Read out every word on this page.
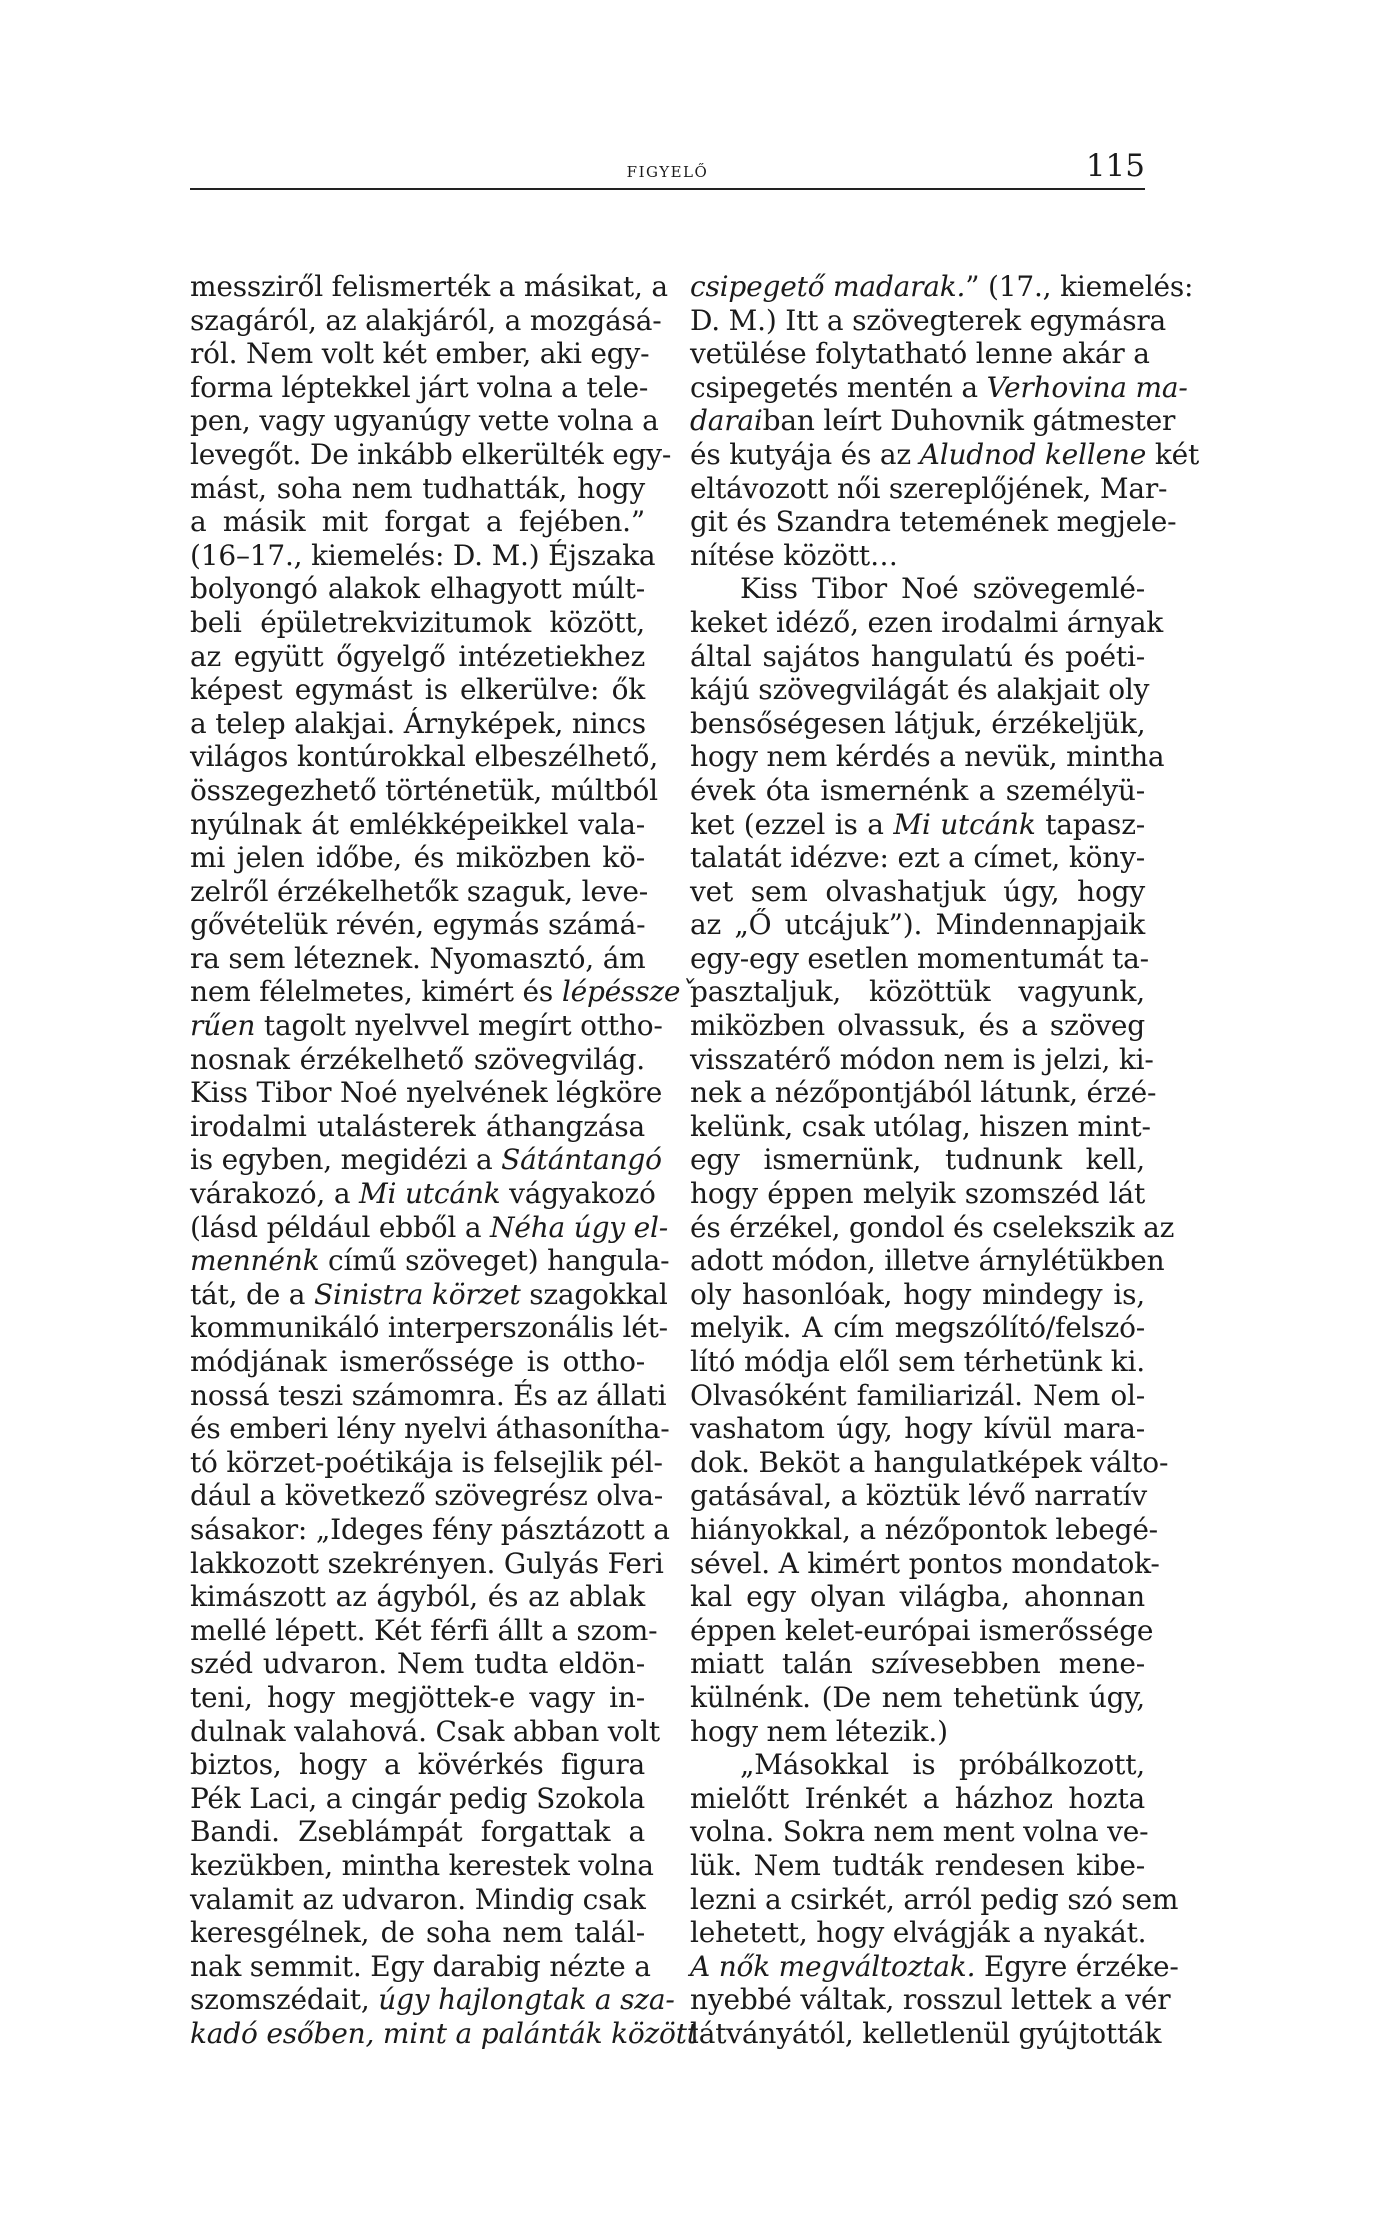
figyelő	115
messziről felismerték a másikat, a
szagáról, az alakjáról, a mozgásá-
ról. Nem volt két ember, aki egy-
forma léptekkel járt volna a tele-
pen, vagy ugyanúgy vette volna a
levegőt. De inkább elkerülték egy-
mást, soha nem tudhatták, hogy
a másik mit forgat a fejében.”
(16–17., kiemelés: D. M.) Éjszaka
bolyongó alakok elhagyott múlt-
beli épületrekvizitumok között,
az együtt őgyelgő intézetiekhez
képest egymást is elkerülve: ők
a telep alakjai. Árnyképek, nincs
világos kontúrokkal elbeszélhető,
összegezhető történetük, múltból
nyúlnak át emlékképeikkel vala-
mi jelen időbe, és miközben kö-
zelről érzékelhetők szaguk, leve-
gővételük révén, egymás számá-
ra sem léteznek. Nyomasztó, ám
nem félelmetes, kimért és lépésszeˇ
rűen tagolt nyelvvel megírt ottho-
nosnak érzékelhető szövegvilág.
Kiss Tibor Noé nyelvének légköre
irodalmi utalásterek áthangzása
is egyben, megidézi a Sátántangó
várakozó, a Mi utcánk vágyakozó
(lásd például ebből a Néha úgy el-
mennénk című szöveget) hangula-
tát, de a Sinistra körzet szagokkal
kommunikáló interperszonális lét-
módjának ismerőssége is ottho-
nossá teszi számomra. És az állati
és emberi lény nyelvi áthasonítha-
tó körzet-poétikája is felsejlik pél-
dául a következő szövegrész olva-
sásakor: „Ideges fény pásztázott a
lakkozott szekrényen. Gulyás Feri
kimászott az ágyból, és az ablak
mellé lépett. Két férfi állt a szom-
széd udvaron. Nem tudta eldön-
teni, hogy megjöttek-e vagy in-
dulnak valahová. Csak abban volt
biztos, hogy a kövérkés figura
Pék Laci, a cingár pedig Szokola
Bandi. Zseblámpát forgattak a
kezükben, mintha kerestek volna
valamit az udvaron. Mindig csak
keresgélnek, de soha nem talál-
nak semmit. Egy darabig nézte a
szomszédait, úgy hajlongtak a sza-
kadó esőben, mint a palánták között
csipegető madarak.” (17., kiemelés:
D. M.) Itt a szövegterek egymásra
vetülése folytatható lenne akár a
csipegetés mentén a Verhovina ma-
daraiban leírt Duhovnik gátmester
és kutyája és az Aludnod kellene két
eltávozott női szereplőjének, Mar-
git és Szandra tetemének megjele-
nítése között…
Kiss Tibor Noé szövegemlé-
keket idéző, ezen irodalmi árnyak
által sajátos hangulatú és poéti-
kájú szövegvilágát és alakjait oly
bensőségesen látjuk, érzékeljük,
hogy nem kérdés a nevük, mintha
évek óta ismernénk a személyü-
ket (ezzel is a Mi utcánk tapasz-
talatát idézve: ezt a címet, köny-
vet sem olvashatjuk úgy, hogy
az „Ő utcájuk”). Mindennapjaik
egy-egy esetlen momentumát ta-
pasztaljuk, közöttük vagyunk,
miközben olvassuk, és a szöveg
visszatérő módon nem is jelzi, ki-
nek a nézőpontjából látunk, érzé-
kelünk, csak utólag, hiszen mint-
egy ismernünk, tudnunk kell,
hogy éppen melyik szomszéd lát
és érzékel, gondol és cselekszik az
adott módon, illetve árnylétükben
oly hasonlóak, hogy mindegy is,
melyik. A cím megszólító/felszó-
lító módja elől sem térhetünk ki.
Olvasóként familiarizál. Nem ol-
vashatom úgy, hogy kívül mara-
dok. Beköt a hangulatképek válto-
gatásával, a köztük lévő narratív
hiányokkal, a nézőpontok lebegé-
sével. A kimért pontos mondatok-
kal egy olyan világba, ahonnan
éppen kelet-európai ismerőssége
miatt talán szívesebben mene-
külnénk. (De nem tehetünk úgy,
hogy nem létezik.)
„Másokkal is próbálkozott,
mielőtt Irénkét a házhoz hozta
volna. Sokra nem ment volna ve-
lük. Nem tudták rendesen kibe-
lezni a csirkét, arról pedig szó sem
lehetett, hogy elvágják a nyakát.
A nők megváltoztak. Egyre érzéke-
nyebbé váltak, rosszul lettek a vér
látványától, kelletlenül gyújtották
